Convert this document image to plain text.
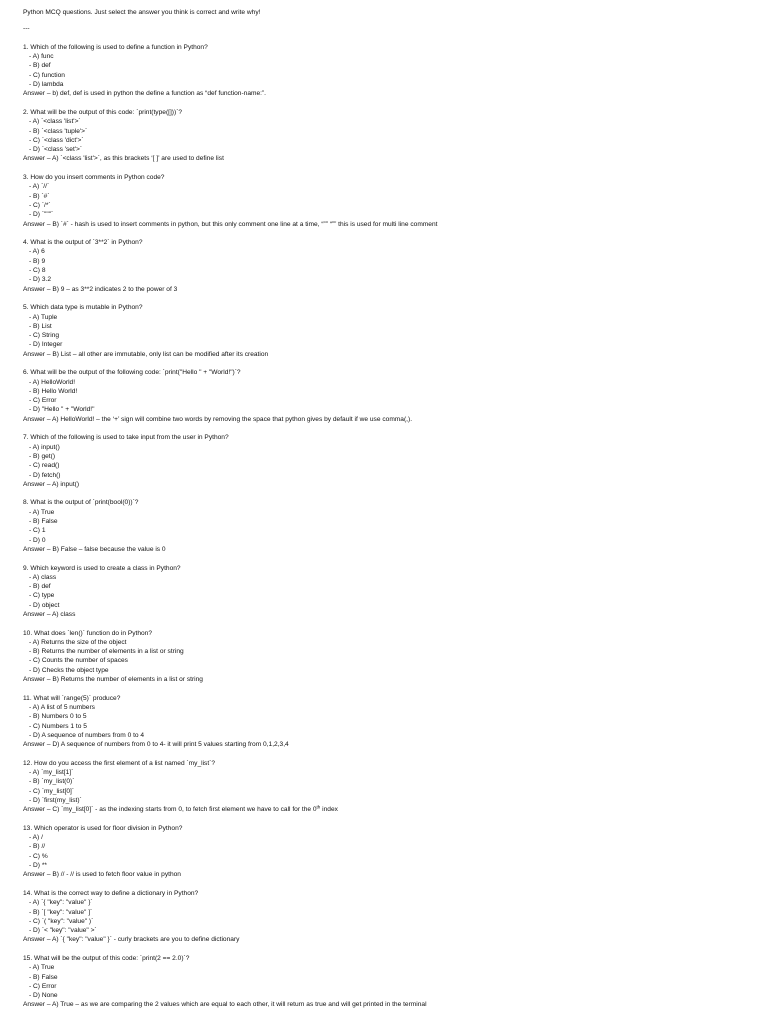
Python MCQ questions. Just select the answer you think is correct and write why!
---
1. Which of the following is used to define a function in Python?
- A) func
- B) def
- C) function
- D) lambda
Answer – b) def, def is used in python the define a function as “def function-name:”.
2. What will be the output of this code: `print(type([]))`?
- A) `<class 'list'>`
- B) `<class 'tuple'>`
- C) `<class 'dict'>`
- D) `<class 'set'>`
Answer – A) `<class 'list'>`, as this brackets ‘[ ]’ are used to define list
3. How do you insert comments in Python code?
- A) `//`
- B) `#`
- C) `/*`
- D) `"""`
Answer – B) `#` - hash is used to insert comments in python, but this only comment one line at a time, “”” “”” this is used for multi line comment
4. What is the output of `3**2` in Python?
- A) 6
- B) 9
- C) 8
- D) 3.2
Answer – B) 9 – as 3**2 indicates 2 to the power of 3
5. Which data type is mutable in Python?
- A) Tuple
- B) List
- C) String
- D) Integer
Answer – B) List – all other are immutable, only list can be modified after its creation
6. What will be the output of the following code: `print("Hello " + "World!")`?
- A) HelloWorld!
- B) Hello World!
- C) Error
- D) "Hello " + "World!"
Answer – A) HelloWorld! – the ‘+’ sign will combine two words by removing the space that python gives by default if we use comma(,).
7. Which of the following is used to take input from the user in Python?
- A) input()
- B) get()
- C) read()
- D) fetch()
Answer – A) input()
8. What is the output of `print(bool(0))`?
- A) True
- B) False
- C) 1
- D) 0
Answer – B) False – false because the value is 0
9. Which keyword is used to create a class in Python?
- A) class
- B) def
- C) type
- D) object
Answer – A) class
10. What does `len()` function do in Python?
- A) Returns the size of the object
- B) Returns the number of elements in a list or string
- C) Counts the number of spaces
- D) Checks the object type
Answer – B) Returns the number of elements in a list or string
11. What will `range(5)` produce?
- A) A list of 5 numbers
- B) Numbers 0 to 5
- C) Numbers 1 to 5
- D) A sequence of numbers from 0 to 4
Answer – D) A sequence of numbers from 0 to 4- it will print 5 values starting from 0,1,2,3,4
12. How do you access the first element of a list named `my_list`?
- A) `my_list[1]`
- B) `my_list(0)`
- C) `my_list[0]`
- D) `first(my_list)`
Answer – C) `my_list[0]` - as the indexing starts from 0, to fetch first element we have to call for the 0th index
13. Which operator is used for floor division in Python?
- A) /
- B) //
- C) %
- D) **
Answer – B) // - // is used to fetch floor value in python
14. What is the correct way to define a dictionary in Python?
- A) `{ "key": "value" }`
- B) `[ "key": "value" ]`
- C) `( "key": "value" )`
- D) `< "key": "value" >`
Answer – A) `{ "key": "value" }` - curly brackets are you to define dictionary
15. What will be the output of this code: `print(2 == 2.0)`?
- A) True
- B) False
- C) Error
- D) None
Answer – A) True – as we are comparing the 2 values which are equal to each other, it will return as true and will get printed in the terminal
